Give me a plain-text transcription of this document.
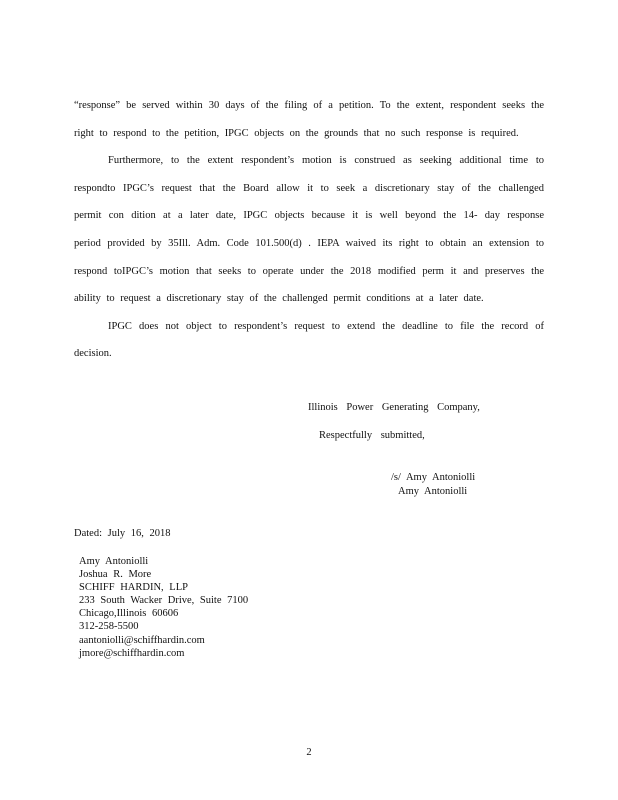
“response” be served within 30 days of the filing of a petition. To the extent, respondent seeks the right to respond to the petition, IPGC objects on the grounds that no such response is required.

Furthermore, to the extent respondent’s motion is construed as seeking additional time to respondto IPGC’s request that the Board allow it to seek a discretionary stay of the challenged permit con dition at a later date, IPGC objects because it is well beyond the 14- day response period provided by 35Ill. Adm. Code 101.500(d) . IEPA waived its right to obtain an extension to respond toIPGC’s motion that seeks to operate under the 2018 modified perm it and preserves the ability to request a discretionary stay of the challenged permit conditions at a later date.

IPGC does not object to respondent’s request to extend the deadline to file the record of decision.

Illinois Power Generating Company,
Respectfully submitted,
/s/ Amy Antoniolli
Amy Antoniolli
Dated: July 16, 2018
Amy Antoniolli
Joshua R. More
SCHIFF HARDIN, LLP
233 South Wacker Drive, Suite 7100
Chicago,Illinois 60606
312-258-5500
aantoniolli@schiffhardin.com
jmore@schiffhardin.com
2
